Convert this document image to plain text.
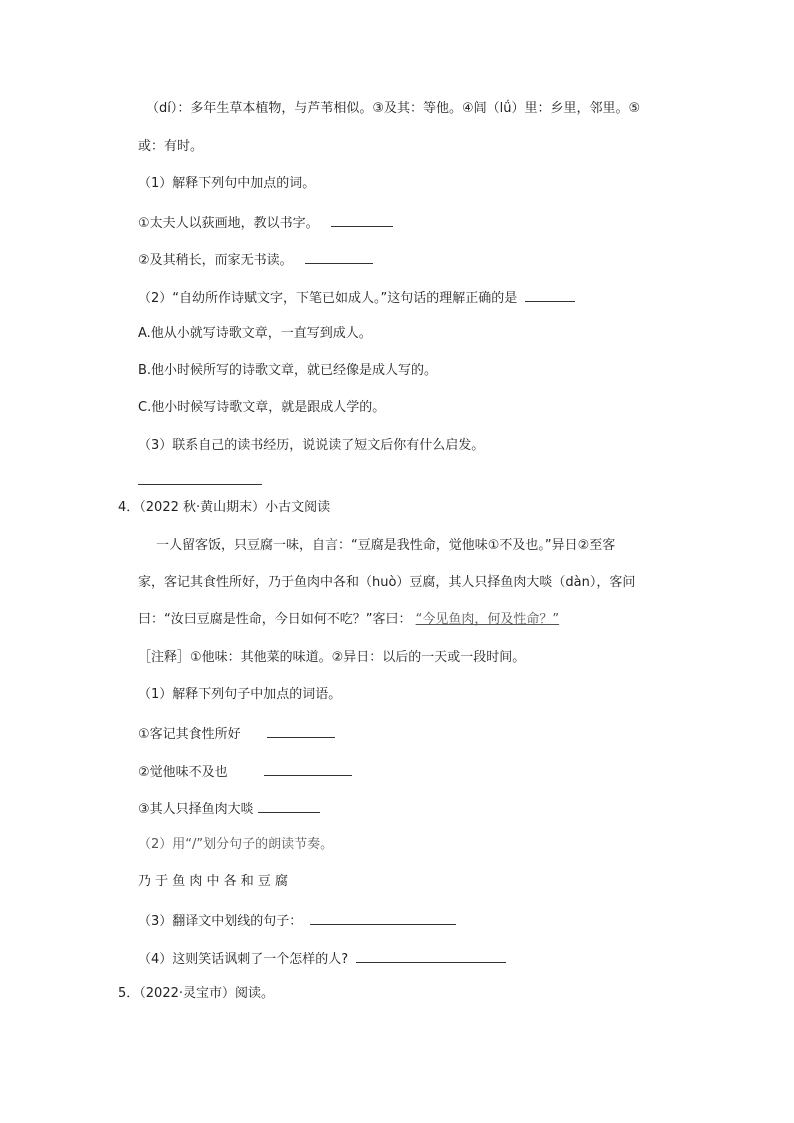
（dí）：多年生草本植物，与芦苇相似。③及其：等他。④闾（lǘ）里：乡里，邻里。⑤
或：有时。
（1）解释下列句中加点的词。
①太夫人以荻画地，教以书字。
②及其稍长，而家无书读。
（2）“自幼所作诗赋文字，下笔已如成人。”这句话的理解正确的是
A.他从小就写诗歌文章，一直写到成人。
B.他小时候所写的诗歌文章，就已经像是成人写的。
C.他小时候写诗歌文章，就是跟成人学的。
（3）联系自己的读书经历，说说读了短文后你有什么启发。
4．（2022 秋·黄山期末）小古文阅读
一人留客饭，只豆腐一味，自言：“豆腐是我性命，觉他味①不及也。”异日②至客
家，客记其食性所好，乃于鱼肉中各和（huò）豆腐，其人只择鱼肉大啖（dàn），客问
曰：“汝曰豆腐是性命，今日如何不吃？”客曰： “今见鱼肉，何及性命？”
［注释］①他味：其他菜的味道。②异日：以后的一天或一段时间。
（1）解释下列句子中加点的词语。
①客记其食性所好
②觉他味不及也
③其人只择鱼肉大啖
（2）用“/”划分句子的朗读节奏。
乃 于 鱼 肉 中 各 和 豆 腐
（3）翻译文中划线的句子：
（4）这则笑话讽刺了一个怎样的人?
5．（2022·灵宝市）阅读。
